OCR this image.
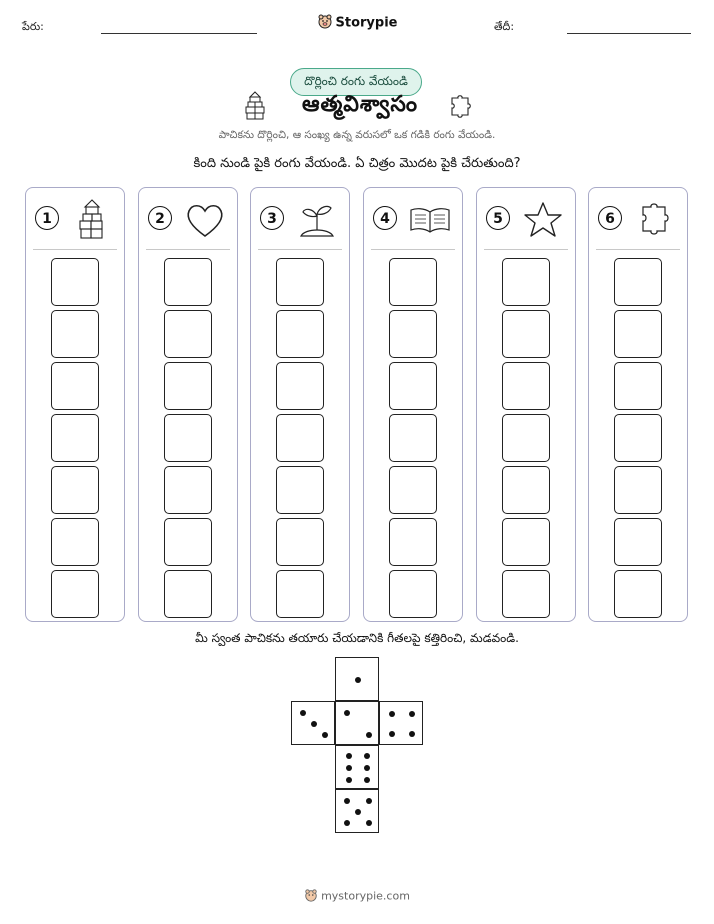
పేరు:	Storypie	తేదీ:
దొర్లించి రంగు వేయండి
ఆత్మవిశ్వాసం
పాచికను దొర్లించి, ఆ సంఖ్య ఉన్న వరుసలో ఒక గడికి రంగు వేయండి.
కింది నుండి పైకి రంగు వేయండి. ఏ చిత్రం మొదట పైకి చేరుతుంది?
1	2	3	4	5	6
మీ స్వంత పాచికను తయారు చేయడానికి గీతలపై కత్తిరించి, మడవండి.
mystorypie.com
